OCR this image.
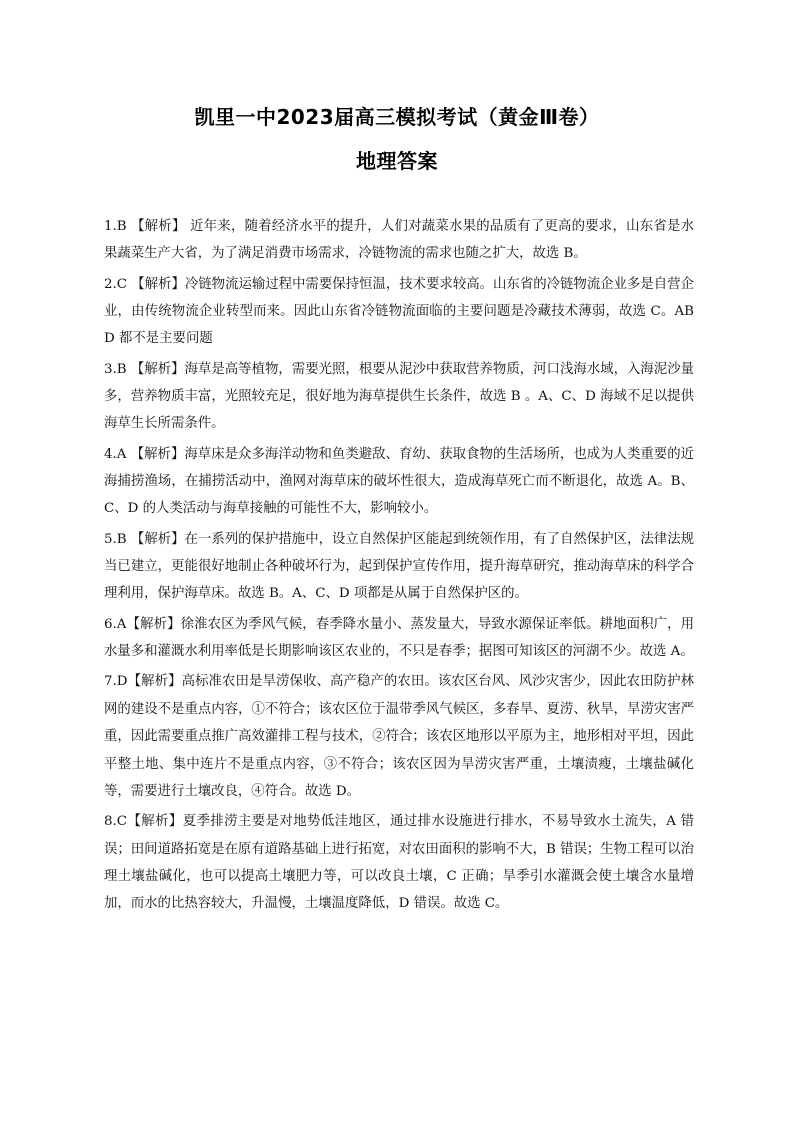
凯里一中2023届高三模拟考试（黄金Ⅲ卷）
地理答案

1.B 【解析】 近年来，随着经济水平的提升，人们对蔬菜水果的品质有了更高的要求，山东省是水果蔬菜生产大省，为了满足消费市场需求，冷链物流的需求也随之扩大，故选 B。

2.C 【解析】冷链物流运输过程中需要保持恒温，技术要求较高。山东省的冷链物流企业多是自营企业，由传统物流企业转型而来。因此山东省冷链物流面临的主要问题是冷藏技术薄弱，故选 C。ABD 都不是主要问题

3.B 【解析】海草是高等植物，需要光照，根要从泥沙中获取营养物质，河口浅海水域，入海泥沙量多，营养物质丰富，光照较充足，很好地为海草提供生长条件，故选 B 。A、C、D 海域不足以提供海草生长所需条件。

4.A 【解析】海草床是众多海洋动物和鱼类避敌、育幼、获取食物的生活场所，也成为人类重要的近海捕捞渔场，在捕捞活动中，渔网对海草床的破坏性很大，造成海草死亡而不断退化，故选 A。B、C、D 的人类活动与海草接触的可能性不大，影响较小。

5.B 【解析】在一系列的保护措施中，设立自然保护区能起到统领作用，有了自然保护区，法律法规当已建立，更能很好地制止各种破坏行为，起到保护宣传作用，提升海草研究，推动海草床的科学合理利用，保护海草床。故选 B。A、C、D 项都是从属于自然保护区的。

6.A【解析】徐淮农区为季风气候，春季降水量小、蒸发量大，导致水源保证率低。耕地面积广，用水量多和灌溉水利用率低是长期影响该区农业的，不只是春季；据图可知该区的河湖不少。故选 A。

7.D【解析】高标准农田是旱涝保收、高产稳产的农田。该农区台风、风沙灾害少，因此农田防护林网的建设不是重点内容，①不符合；该农区位于温带季风气候区，多春旱、夏涝、秋旱，旱涝灾害严重，因此需要重点推广高效灌排工程与技术，②符合；该农区地形以平原为主，地形相对平坦，因此平整土地、集中连片不是重点内容，③不符合；该农区因为旱涝灾害严重，土壤渍瘦，土壤盐碱化等，需要进行土壤改良，④符合。故选 D。

8.C【解析】夏季排涝主要是对地势低洼地区，通过排水设施进行排水，不易导致水土流失，A 错误；田间道路拓宽是在原有道路基础上进行拓宽，对农田面积的影响不大，B 错误；生物工程可以治理土壤盐碱化，也可以提高土壤肥力等，可以改良土壤，C 正确；旱季引水灌溉会使土壤含水量增加，而水的比热容较大，升温慢，土壤温度降低，D 错误。故选 C。
